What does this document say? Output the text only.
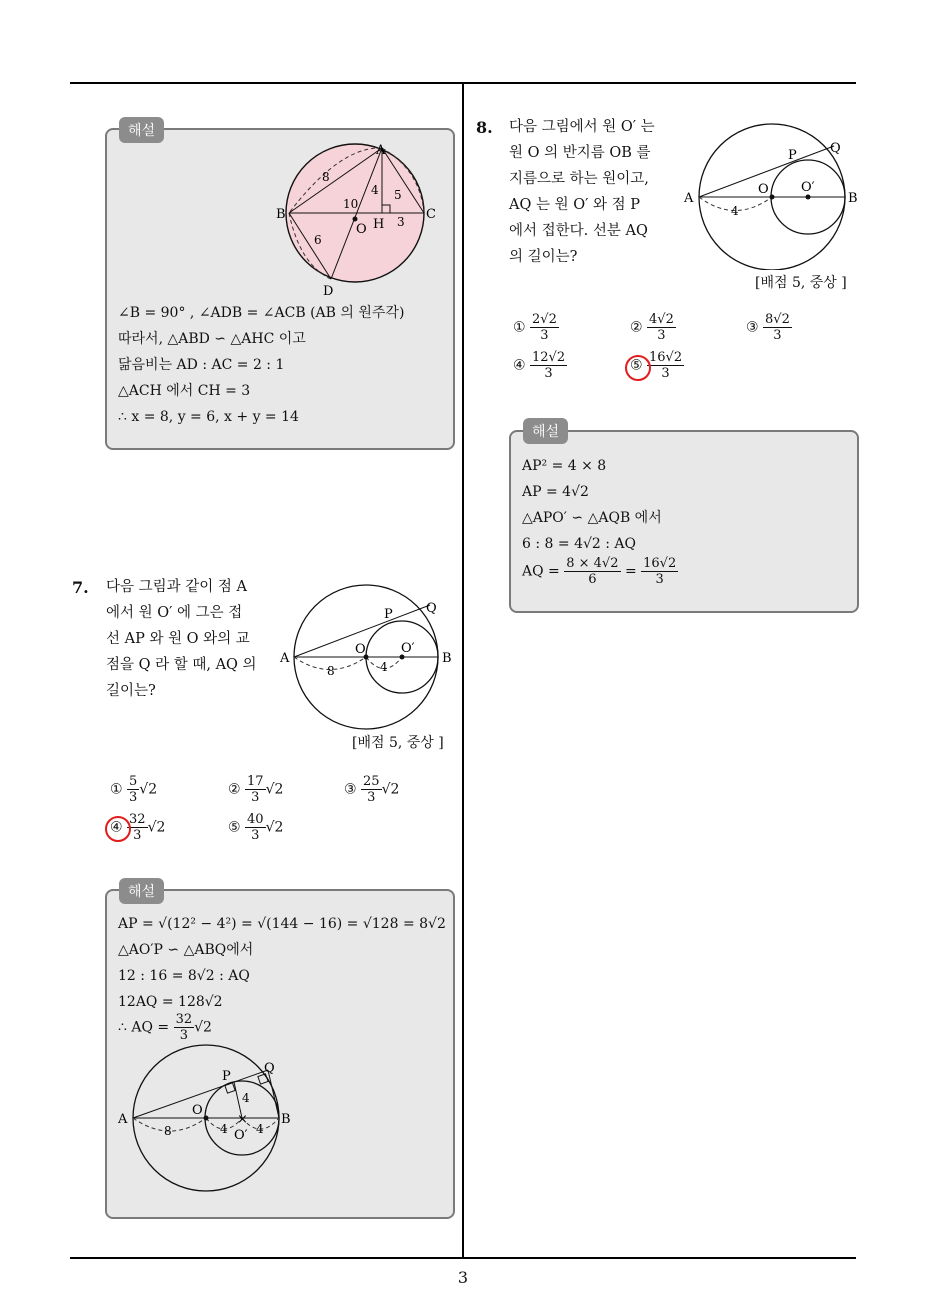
해설
A
B	C
D
O H
8
4 5
10
3
6
∠B = 90° , ∠ADB = ∠ACB (AB 의 원주각)
따라서, △ABD ∽ △AHC 이고
닮음비는 AD : AC = 2 : 1
△ACH 에서 CH = 3
∴ x = 8, y = 6, x + y = 14
7. 다음 그림과 같이 점 A
에서 원 O′ 에 그은 접
선 AP 와 원 O 와의 교
점을 Q 라 할 때, AQ 의
길이는?
A	B
P	Q
O	O′
8	4
[배점 5, 중상 ]
① $\frac{5}{3} √2$	② $\frac{17}{3} √2$	③ $\frac{25}{3} √2$
④ $\frac{32}{3} √2$	⑤ $\frac{40}{3} √2$
해설
AP = √(12² − 4²) = √(144 − 16) = √128 = 8√2
△AO′P ∽ △ABQ에서
12 : 16 = 8√2 : AQ
12AQ = 128√2
∴ AQ = $\frac{32}{3} √2$
×
A	B
P
Q
O
O′
8	4 4
4
8. 다음 그림에서 원 O′ 는
원 O 의 반지름 OB 를
지름으로 하는 원이고,
AQ 는 원 O′ 와 점 P
에서 접한다. 선분 AQ
의 길이는?
A	B
P	Q
O O′
4
[배점 5, 중상 ]
① $\frac{2√2}{3}$	② $\frac{4√2}{3}$	③ $\frac{8√2}{3}$
④ $\frac{12√2}{3}$	⑤ $\frac{16√2}{3}$
해설
AP² = 4 × 8
AP = 4√2
△APO′ ∽ △AQB 에서
6 : 8 = 4√2 : AQ
AQ = $\frac{8 \times 4√2}{6} = \frac{16√2}{3}$
3
